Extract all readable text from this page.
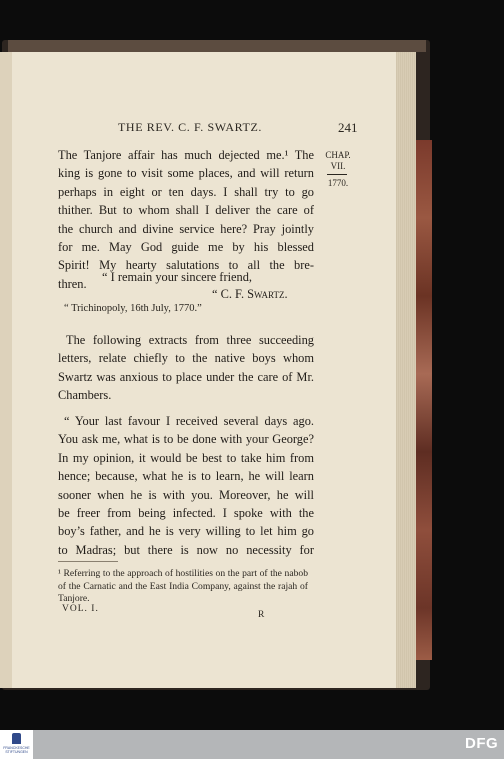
THE REV. C. F. SWARTZ.	241
CHAP.
VII.
1770.
The Tanjore affair has much dejected me.¹ The
king is gone to visit some places, and will return
perhaps in eight or ten days. I shall try to go
thither. But to whom shall I deliver the care of
the church and divine service here? Pray jointly
for me. May God guide me by his blessed
Spirit! My hearty salutations to all the bre-
thren.	“ I remain your sincere friend,
“ C. F. Swartz.
“ Trichinopoly, 16th July, 1770.”
The following extracts from three succeeding
letters, relate chiefly to the native boys whom
Swartz was anxious to place under the care of Mr.
Chambers.
“ Your last favour I received several days ago.
You ask me, what is to be done with your George?
In my opinion, it would be best to take him from
hence; because, what he is to learn, he will learn
sooner when he is with you. Moreover, he will
be freer from being infected. I spoke with the
boy’s father, and he is very willing to let him go
to Madras; but there is now no necessity for
¹ Referring to the approach of hostilities on the part of the nabob of the Carnatic and the East India Company, against the rajah of Tanjore.
VOL. I.
R
FRANCKESCHE STIFTUNGEN	DFG
